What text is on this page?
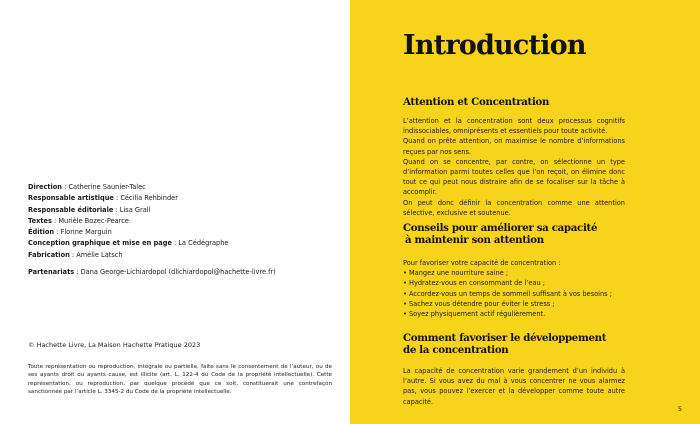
Direction : Catherine Saunier-Talec
Responsable artistique : Cécilia Rehbinder
Responsable éditoriale : Lisa Grall
Textes : Murièle Bozec-Pearce
Édition : Florine Marguin
Conception graphique et mise en page : La Cédégraphe
Fabrication : Amélie Latsch
Partenariats : Dana George-Lichiardopol (dlichiardopol@hachette-livre.fr)
© Hachette Livre, La Maison Hachette Pratique 2023
Toute représentation ou reproduction, intégrale ou partielle, faite sans le consentement de l’auteur, ou de ses ayants droit ou ayants cause, est illicite (art. L. 122-4 du Code de la propriété intellectuelle). Cette représentation, ou reproduction, par quelque procédé que ce soit, constituerait une contrefaçon sanctionnée par l’article L. 3345-2 du Code de la propriété intellectuelle.
Introduction
Attention et Concentration

L’attention et la concentration sont deux processus cognitifs indissociables, omniprésents et essentiels pour toute activité.

Quand on prête attention, on maximise le nombre d’informations reçues par nos sens.

Quand on se concentre, par contre, on sélectionne un type d’information parmi toutes celles que l’on reçoit, on élimine donc tout ce qui peut nous distraire afin de se focaliser sur la tâche à accomplir.

On peut donc définir la concentration comme une attention sélective, exclusive et soutenue.

Conseils pour améliorer sa capacité
à maintenir son attention
Pour favoriser votre capacité de concentration :
• Mangez une nourriture saine ;
• Hydratez-vous en consommant de l’eau ;
• Accordez-vous un temps de sommeil suffisant à vos besoins ;
• Sachez vous détendre pour éviter le stress ;
• Soyez physiquement actif régulièrement.
Comment favoriser le développement
de la concentration
La capacité de concentration varie grandement d’un individu à l’autre. Si vous avez du mal à vous concentrer ne vous alarmez pas, vous pouvez l’exercer et la développer comme toute autre capacité.
5
